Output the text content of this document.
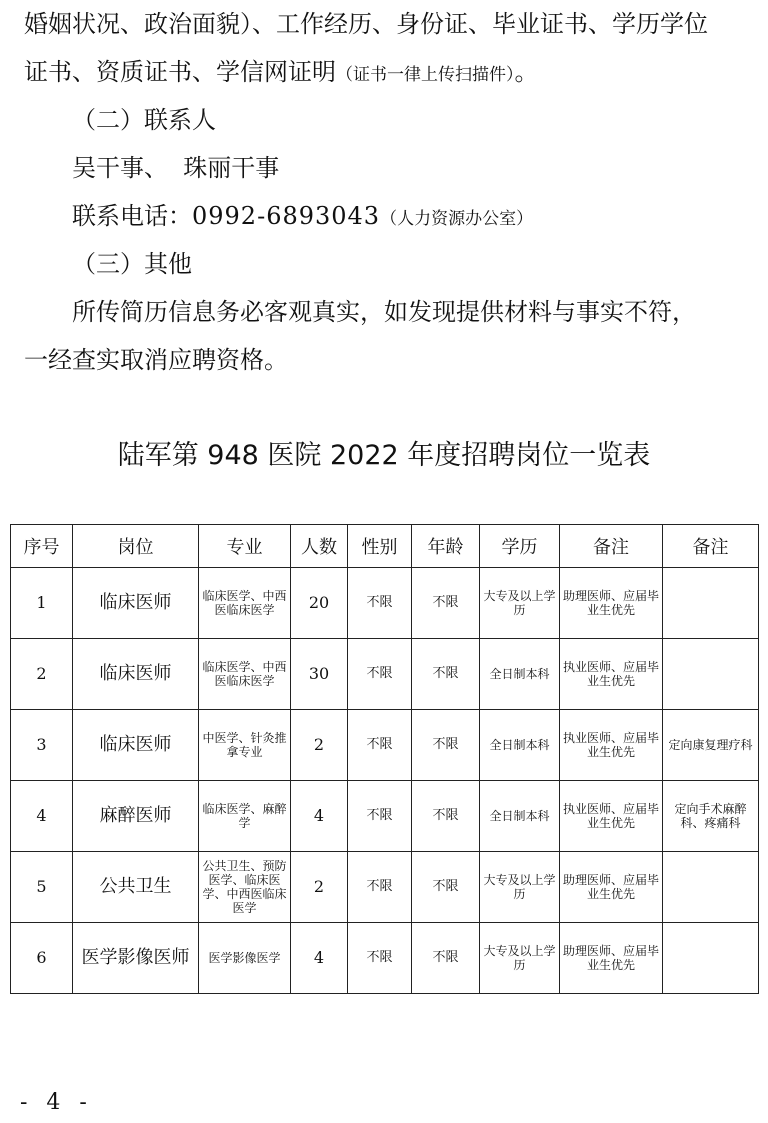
婚姻状况、政治面貌）、工作经历、身份证、毕业证书、学历学位
证书、资质证书、学信网证明（证书一律上传扫描件）。
（二）联系人
吴干事、  珠丽干事
联系电话：0992-6893043（人力资源办公室）
（三）其他
所传简历信息务必客观真实，如发现提供材料与事实不符，
一经查实取消应聘资格。
陆军第 948 医院 2022 年度招聘岗位一览表
序号	岗位	专业	人数	性别	年龄	学历	备注	备注
1	临床医师	临床医学、中西医临床医学	20	不限	不限	大专及以上学历	助理医师、应届毕业生优先	
2	临床医师	临床医学、中西医临床医学	30	不限	不限	全日制本科	执业医师、应届毕业生优先	
3	临床医师	中医学、针灸推拿专业	2	不限	不限	全日制本科	执业医师、应届毕业生优先	定向康复理疗科
4	麻醉医师	临床医学、麻醉学	4	不限	不限	全日制本科	执业医师、应届毕业生优先	定向手术麻醉科、疼痛科
5	公共卫生	公共卫生、预防医学、临床医学、中西医临床医学	2	不限	不限	大专及以上学历	助理医师、应届毕业生优先	
6	医学影像医师	医学影像医学	4	不限	不限	大专及以上学历	助理医师、应届毕业生优先	
- 4 -
